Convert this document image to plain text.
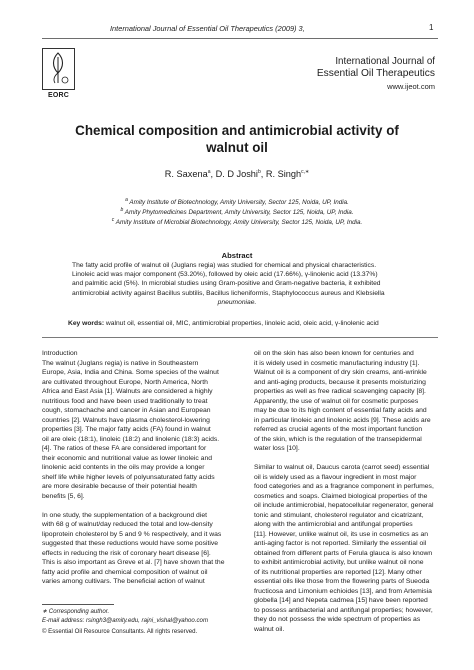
International Journal of Essential Oil Therapeutics (2009) 3,	1
EORC
International Journal of
Essential Oil Therapeutics
www.ijeot.com
Chemical composition and antimicrobial activity of
walnut oil
R. Saxena$^a$, D. D Joshi$^b$, R. Singh$^{c,∗}$
$^a$ Amity Institute of Biotechnology, Amity University, Sector 125, Noida, UP, India.
$^b$ Amity Phytomedicines Department, Amity University, Sector 125, Noida, UP, India.
$^c$ Amity Institute of Microbial Biotechnology, Amity University, Sector 125, Noida, UP, India.
Abstract
The fatty acid profile of walnut oil (Juglans regia) was studied for chemical and physical characteristics.
Linoleic acid was major component (53.20%), followed by oleic acid (17.66%), γ-linolenic acid (13.37%)
and palmitic acid (5%). In microbial studies using Gram-positive and Gram-negative bacteria, it exhibited
antimicrobial activity against Bacillus subtilis, Bacillus licheniformis, Staphylococcus aureus and Klebsiella
pneumoniae.
Key words: walnut oil, essential oil, MIC, antimicrobial properties, linoleic acid, oleic acid, γ-linolenic acid

Introduction

The walnut (Juglans regia) is native in Southeastern

Europe, Asia, India and China. Some species of the walnut

are cultivated throughout Europe, North America, North

Africa and East Asia [1]. Walnuts are considered a highly

nutritious food and have been used traditionally to treat

cough, stomachache and cancer in Asian and European

countries [2]. Walnuts have plasma cholesterol-lowering

properties [3]. The major fatty acids (FA) found in walnut

oil are oleic (18:1), linoleic (18:2) and linolenic (18:3) acids.

[4]. The ratios of these FA are considered important for

their economic and nutritional value as lower linoleic and

linolenic acid contents in the oils may provide a longer

shelf life while higher levels of polyunsaturated fatty acids

are more desirable because of their potential health

benefits [5, 6].

In one study, the supplementation of a background diet

with 68 g of walnut/day reduced the total and low-density

lipoprotein cholesterol by 5 and 9 % respectively, and it was

suggested that these reductions would have some positive

effects in reducing the risk of coronary heart disease [6].

This is also important as Greve et al. [7] have shown that the

fatty acid profile and chemical composition of walnut oil

varies among cultivars. The beneficial action of walnut

oil on the skin has also been known for centuries and

it is widely used in cosmetic manufacturing industry [1].

Walnut oil is a component of dry skin creams, anti-wrinkle

and anti-aging products, because it presents moisturizing

properties as well as free radical scavenging capacity [8].

Apparently, the use of walnut oil for cosmetic purposes

may be due to its high content of essential fatty acids and

in particular linoleic and linolenic acids [9]. These acids are

referred as crucial agents of the most important function

of the skin, which is the regulation of the transepidermal

water loss [10].

Similar to walnut oil, Daucus carota (carrot seed) essential

oil is widely used as a flavour ingredient in most major

food categories and as a fragrance component in perfumes,

cosmetics and soaps. Claimed biological properties of the

oil include antimicrobial, hepatocellular regenerator, general

tonic and stimulant, cholesterol regulator and cicatrizant,

along with the antimicrobial and antifungal properties

[11]. However, unlike walnut oil, its use in cosmetics as an

anti-aging factor is not reported. Similarly the essential oil

obtained from different parts of Ferula glauca is also known

to exhibit antimicrobial activity, but unlike walnut oil none

of its nutritional properties are reported [12]. Many other

essential oils like those from the flowering parts of Sueoda

fructicosa and Limonium echioides [13], and from Artemisia

globella [14] and Nepeta cadmea [15] have been reported

to possess antibacterial and antifungal properties; however,

they do not possess the wide spectrum of properties as

walnut oil.

∗ Corresponding author.
E-mail address: rsingh3@amity.edu, rajni_vishal@yahoo.com
© Essential Oil Resource Consultants. All rights reserved.
